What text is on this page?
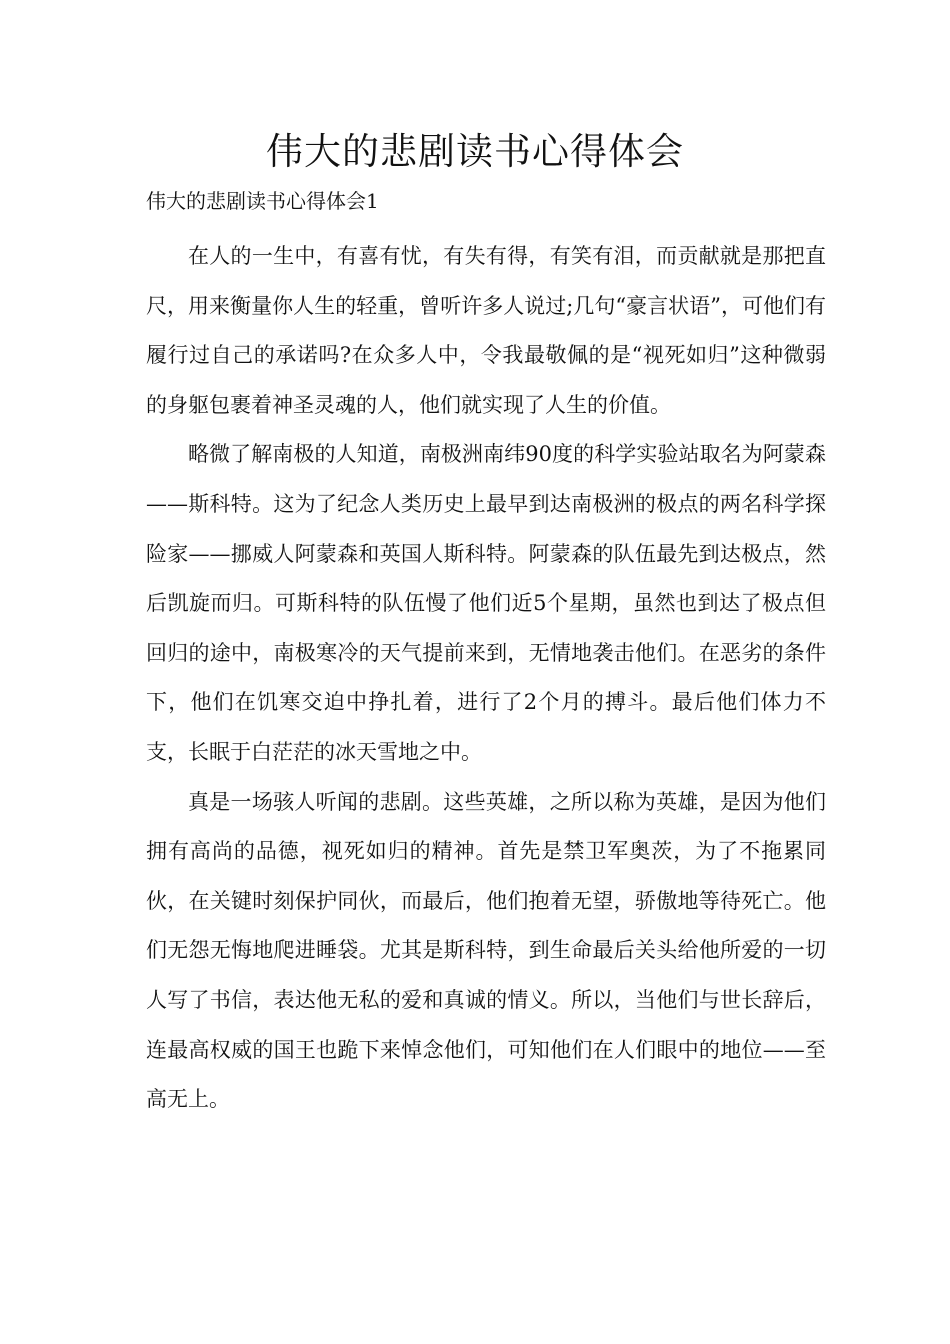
伟大的悲剧读书心得体会

伟大的悲剧读书心得体会1

在人的一生中，有喜有忧，有失有得，有笑有泪，而贡献就是那把直尺，用来衡量你人生的轻重，曾听许多人说过;几句“豪言状语”，可他们有履行过自己的承诺吗?在众多人中，令我最敬佩的是“视死如归”这种微弱的身躯包裹着神圣灵魂的人，他们就实现了人生的价值。

略微了解南极的人知道，南极洲南纬90度的科学实验站取名为阿蒙森——斯科特。这为了纪念人类历史上最早到达南极洲的极点的两名科学探险家——挪威人阿蒙森和英国人斯科特。阿蒙森的队伍最先到达极点，然后凯旋而归。可斯科特的队伍慢了他们近5个星期，虽然也到达了极点但回归的途中，南极寒冷的天气提前来到，无情地袭击他们。在恶劣的条件下，他们在饥寒交迫中挣扎着，进行了2个月的搏斗。最后他们体力不支，长眠于白茫茫的冰天雪地之中。

真是一场骇人听闻的悲剧。这些英雄，之所以称为英雄，是因为他们拥有高尚的品德，视死如归的精神。首先是禁卫军奥茨，为了不拖累同伙，在关键时刻保护同伙，而最后，他们抱着无望，骄傲地等待死亡。他们无怨无悔地爬进睡袋。尤其是斯科特，到生命最后关头给他所爱的一切人写了书信，表达他无私的爱和真诚的情义。所以，当他们与世长辞后，连最高权威的国王也跪下来悼念他们，可知他们在人们眼中的地位——至高无上。
